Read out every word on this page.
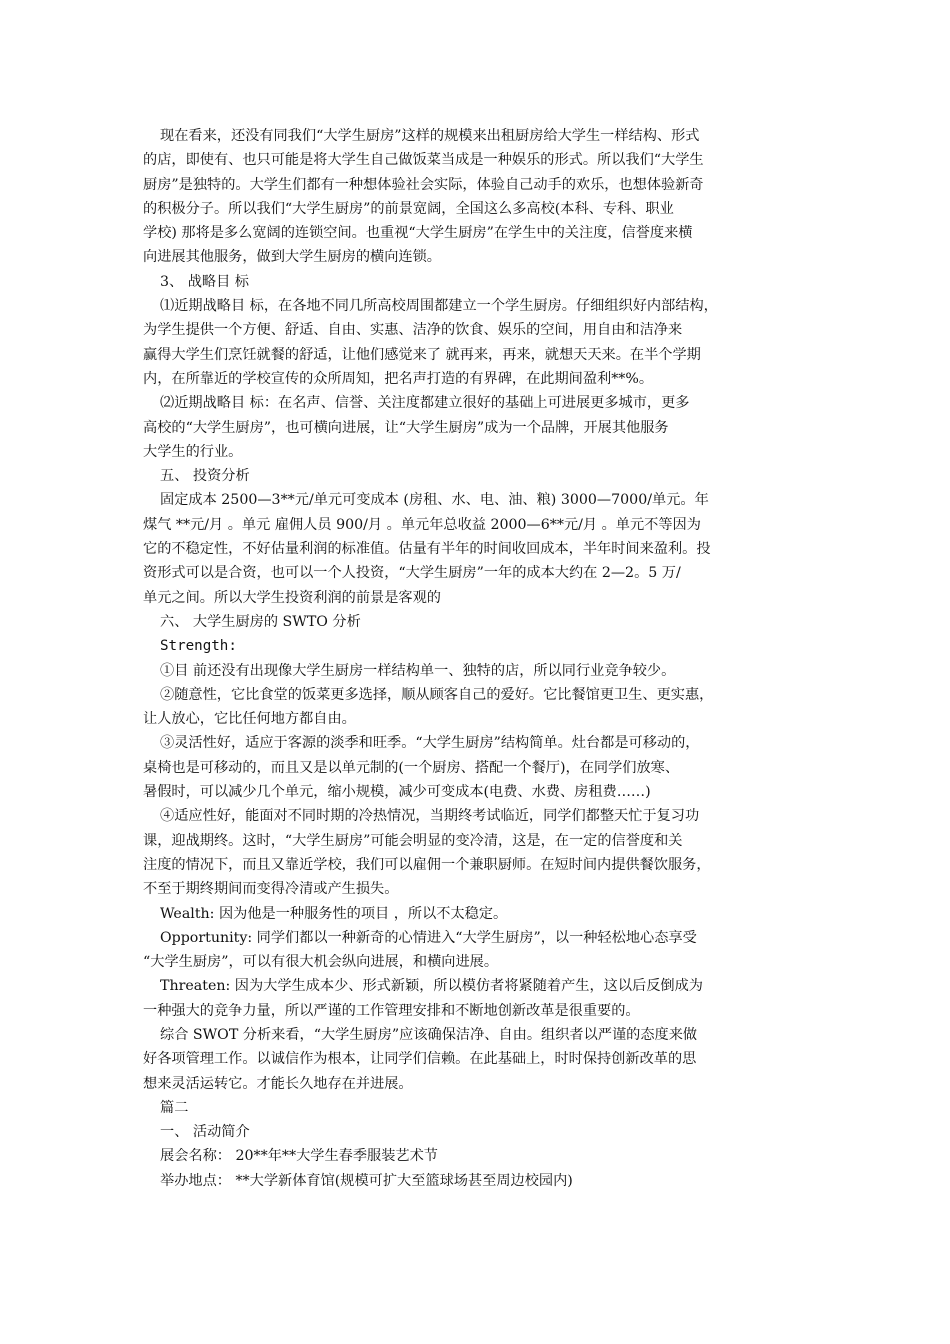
现在看来，还没有同我们“大学生厨房”这样的规模来出租厨房给大学生一样结构、形式
的店，即使有、也只可能是将大学生自己做饭菜当成是一种娱乐的形式。所以我们“大学生
厨房”是独特的。大学生们都有一种想体验社会实际，体验自己动手的欢乐，也想体验新奇
的积极分子。所以我们“大学生厨房”的前景宽阔，全国这么多高校(本科、专科、职业
学校) 那将是多么宽阔的连锁空间。也重视“大学生厨房”在学生中的关注度，信誉度来横
向进展其他服务，做到大学生厨房的横向连锁。
3、 战略目 标
⑴近期战略目 标，在各地不同几所高校周围都建立一个学生厨房。仔细组织好内部结构，
为学生提供一个方便、舒适、自由、实惠、洁净的饮食、娱乐的空间，用自由和洁净来
赢得大学生们烹饪就餐的舒适，让他们感觉来了 就再来，再来，就想天天来。在半个学期
内，在所靠近的学校宣传的众所周知，把名声打造的有界碑，在此期间盈利**%。
⑵近期战略目 标：在名声、信誉、关注度都建立很好的基础上可进展更多城市，更多
高校的“大学生厨房”，也可横向进展，让“大学生厨房”成为一个品牌，开展其他服务
大学生的行业。
五、 投资分析
固定成本 2500—3**元/单元可变成本 (房租、水、电、油、粮) 3000—7000/单元。年
煤气 **元/月 。单元 雇佣人员 900/月 。单元年总收益 2000—6**元/月 。单元不等因为
它的不稳定性，不好估量利润的标准值。估量有半年的时间收回成本，半年时间来盈利。投
资形式可以是合资，也可以一个人投资，“大学生厨房”一年的成本大约在 2—2。5 万/
单元之间。所以大学生投资利润的前景是客观的
六、 大学生厨房的 SWTO 分析
Strength:
①目 前还没有出现像大学生厨房一样结构单一、独特的店，所以同行业竞争较少。
②随意性，它比食堂的饭菜更多选择，顺从顾客自己的爱好。它比餐馆更卫生、更实惠，
让人放心，它比任何地方都自由。
③灵活性好，适应于客源的淡季和旺季。“大学生厨房”结构简单。灶台都是可移动的，
桌椅也是可移动的，而且又是以单元制的(一个厨房、搭配一个餐厅)，在同学们放寒、
暑假时，可以减少几个单元，缩小规模，减少可变成本(电费、水费、房租费……)
④适应性好，能面对不同时期的冷热情况，当期终考试临近，同学们都整天忙于复习功
课，迎战期终。这时，“大学生厨房”可能会明显的变冷清，这是，在一定的信誉度和关
注度的情况下，而且又靠近学校，我们可以雇佣一个兼职厨师。在短时间内提供餐饮服务，
不至于期终期间而变得冷清或产生损失。
Wealth: 因为他是一种服务性的项目 ，所以不太稳定。
Opportunity: 同学们都以一种新奇的心情进入“大学生厨房”，以一种轻松地心态享受
“大学生厨房”，可以有很大机会纵向进展，和横向进展。
Threaten: 因为大学生成本少、形式新颖，所以模仿者将紧随着产生，这以后反倒成为
一种强大的竞争力量，所以严谨的工作管理安排和不断地创新改革是很重要的。
综合 SWOT 分析来看，“大学生厨房”应该确保洁净、自由。组织者以严谨的态度来做
好各项管理工作。以诚信作为根本，让同学们信赖。在此基础上，时时保持创新改革的思
想来灵活运转它。才能长久地存在并进展。
篇二
一、 活动简介
展会名称： 20**年**大学生春季服装艺术节
举办地点： **大学新体育馆(规模可扩大至篮球场甚至周边校园内)
